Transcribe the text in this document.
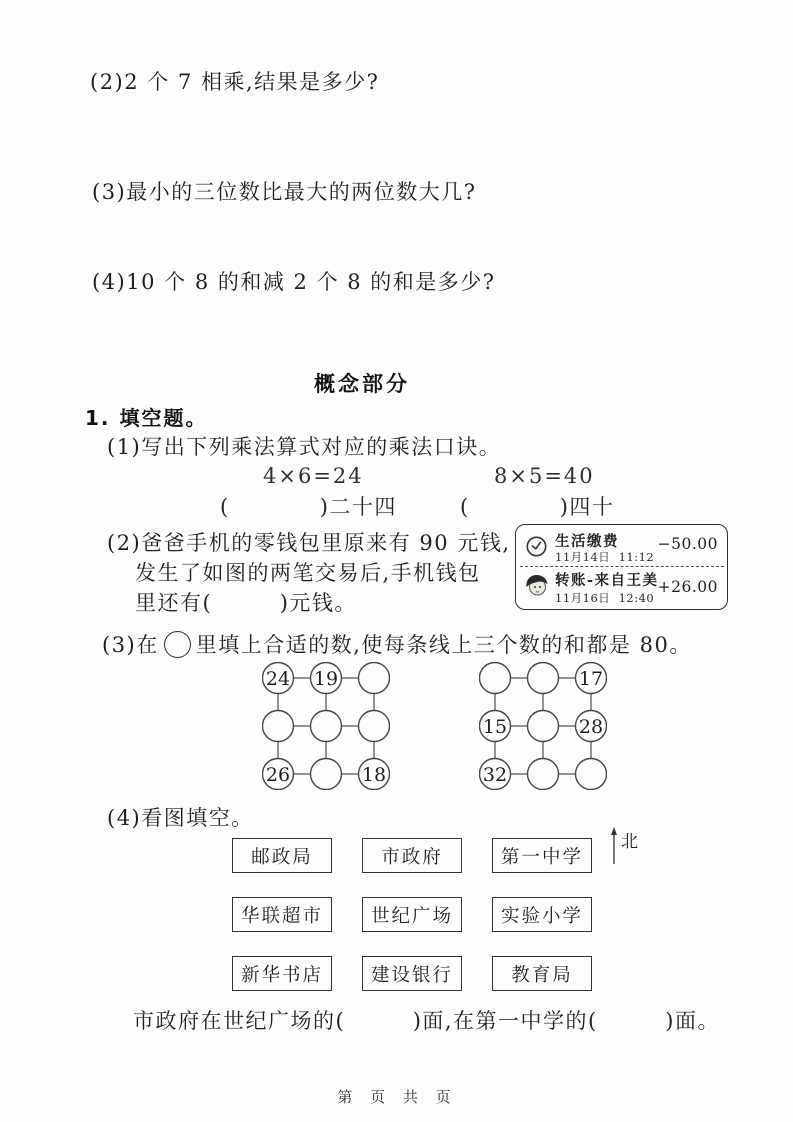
(2)2 个 7 相乘,结果是多少?
(3)最小的三位数比最大的两位数大几?
(4)10 个 8 的和减 2 个 8 的和是多少?
概念部分
1. 填空题。
(1)写出下列乘法算式对应的乘法口诀。
4×6=24	8×5=40
(　　　　)二十四	(　　　　)四十
(2)爸爸手机的零钱包里原来有 90 元钱,
发生了如图的两笔交易后,手机钱包
里还有(　　　)元钱。
生活缴费 −50.00
11月14日  11:12
转账-来自王美 +26.00
11月16日  12:40
(3)在 里填上合适的数,使每条线上三个数的和都是 80。
24 19
26	18
17
15	28
32
(4)看图填空。
邮政局	市政府	第一中学
华联超市	世纪广场	实验小学
新华书店	建设银行	教育局
北
市政府在世纪广场的(　　　)面,在第一中学的(　　　)面。
第 页 共 页
